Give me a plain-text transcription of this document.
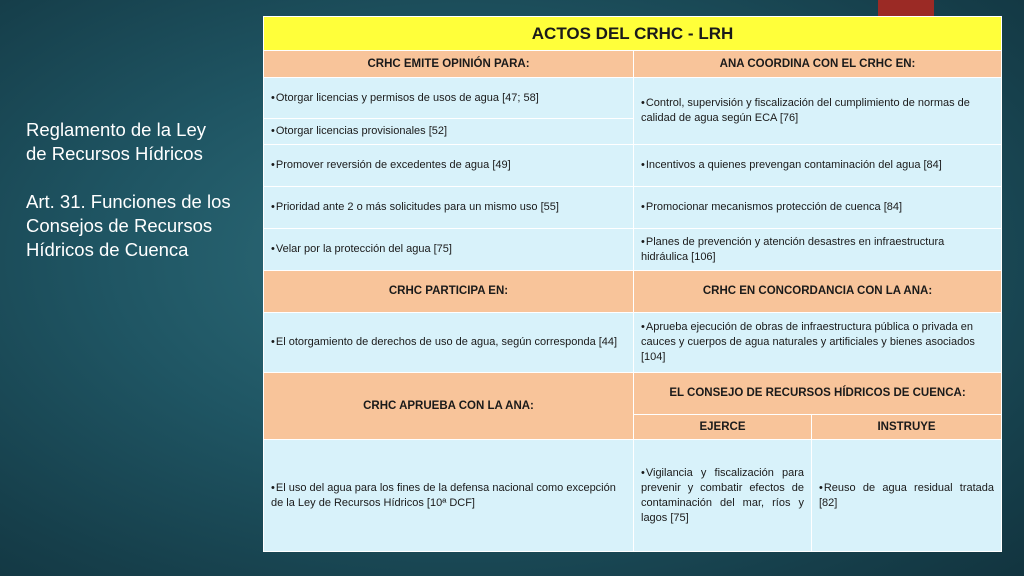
Reglamento de la Ley

de Recursos Hídricos

Art. 31. Funciones de los

Consejos de Recursos

Hídricos de Cuenca

ACTOS DEL CRHC - LRH		
CRHC EMITE OPINIÓN PARA:	ANA COORDINA CON EL CRHC EN:	
• Otorgar licencias y permisos de usos de agua [47; 58]	• Control, supervisión y fiscalización del cumplimiento de normas de calidad de agua según ECA [76]
• Otorgar licencias provisionales [52]
• Promover reversión de excedentes de agua [49]	• Incentivos a quienes prevengan contaminación del agua [84]
• Prioridad ante 2 o más solicitudes para un mismo uso [55]	• Promocionar mecanismos protección de cuenca [84]
• Velar por la protección del agua [75]	• Planes de prevención y atención desastres en infraestructura hidráulica [106]
CRHC PARTICIPA EN:	CRHC EN CONCORDANCIA CON LA ANA:	
• El otorgamiento de derechos de uso de agua, según corresponda [44]	• Aprueba ejecución de obras de infraestructura pública o privada en cauces y cuerpos de agua naturales y artificiales y bienes asociados [104]
CRHC APRUEBA CON LA ANA:	EL CONSEJO DE RECURSOS HÍDRICOS DE CUENCA:	
	EJERCE	INSTRUYE
• El uso del agua para los fines de la defensa nacional como excepción de la Ley de Recursos Hídricos [10ª DCF]	• Vigilancia y fiscalización para prevenir y combatir efectos de contaminación del mar, ríos y lagos [75]	• Reuso de agua residual tratada [82]
